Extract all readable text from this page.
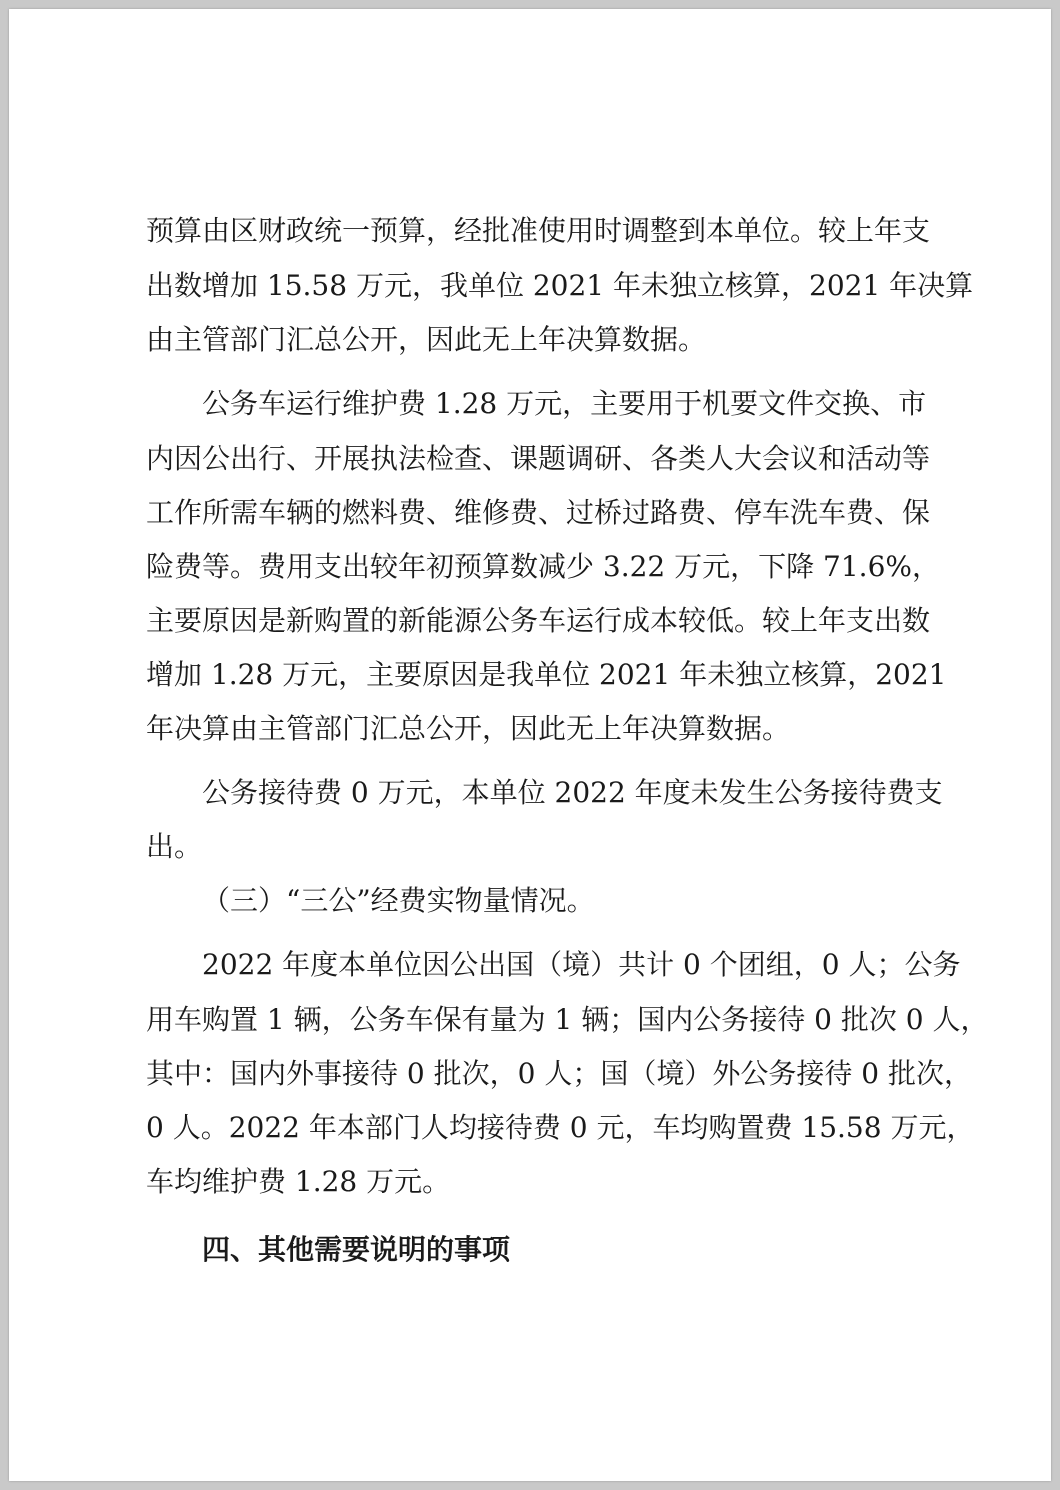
预算由区财政统一预算，经批准使用时调整到本单位。较上年支
出数增加 15.58 万元，我单位 2021 年未独立核算，2021 年决算
由主管部门汇总公开，因此无上年决算数据。
公务车运行维护费 1.28 万元，主要用于机要文件交换、市
内因公出行、开展执法检查、课题调研、各类人大会议和活动等
工作所需车辆的燃料费、维修费、过桥过路费、停车洗车费、保
险费等。费用支出较年初预算数减少 3.22 万元，下降 71.6%，
主要原因是新购置的新能源公务车运行成本较低。较上年支出数
增加 1.28 万元，主要原因是我单位 2021 年未独立核算，2021
年决算由主管部门汇总公开，因此无上年决算数据。
公务接待费 0 万元，本单位 2022 年度未发生公务接待费支
出。
（三）“三公”经费实物量情况。
2022 年度本单位因公出国（境）共计 0 个团组，0 人；公务
用车购置 1 辆，公务车保有量为 1 辆；国内公务接待 0 批次 0 人，
其中：国内外事接待 0 批次，0 人；国（境）外公务接待 0 批次，
0 人。2022 年本部门人均接待费 0 元，车均购置费 15.58 万元，
车均维护费 1.28 万元。
四、其他需要说明的事项
